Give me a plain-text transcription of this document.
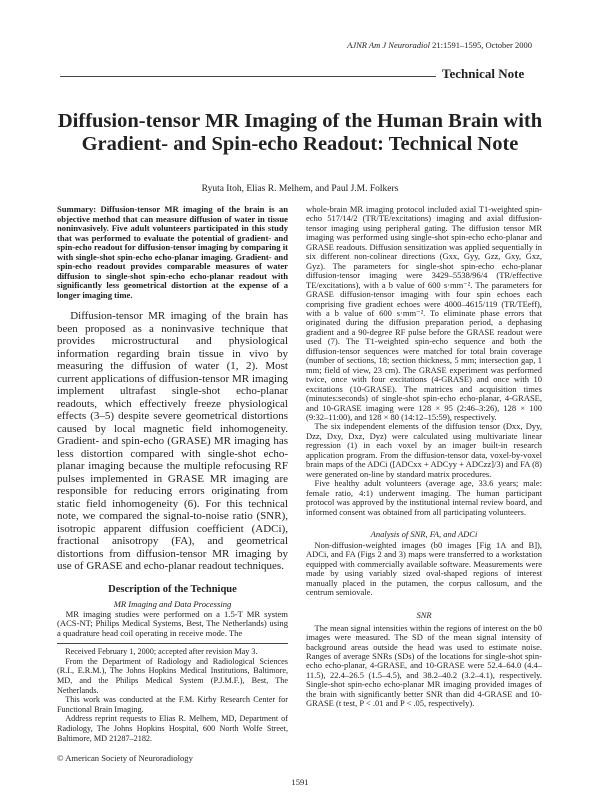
AJNR Am J Neuroradiol 21:1591–1595, October 2000
Technical Note
Diffusion-tensor MR Imaging of the Human Brain with Gradient- and Spin-echo Readout: Technical Note
Ryuta Itoh, Elias R. Melhem, and Paul J.M. Folkers
Summary: Diffusion-tensor MR imaging of the brain is an objective method that can measure diffusion of water in tissue noninvasively. Five adult volunteers participated in this study that was performed to evaluate the potential of gradient- and spin-echo readout for diffusion-tensor imaging by comparing it with single-shot spin-echo echo-planar imaging. Gradient- and spin-echo readout provides comparable measures of water diffusion to single-shot spin-echo echo-planar readout with significantly less geometrical distortion at the expense of a longer imaging time.
Diffusion-tensor MR imaging of the brain has been proposed as a noninvasive technique that provides microstructural and physiological information regarding brain tissue in vivo by measuring the diffusion of water (1, 2). Most current applications of diffusion-tensor MR imaging implement ultrafast single-shot echo-planar readouts, which effectively freeze physiological effects (3–5) despite severe geometrical distortions caused by local magnetic field inhomogeneity. Gradient- and spin-echo (GRASE) MR imaging has less distortion compared with single-shot echo-planar imaging because the multiple refocusing RF pulses implemented in GRASE MR imaging are responsible for reducing errors originating from static field inhomogeneity (6). For this technical note, we compared the signal-to-noise ratio (SNR), isotropic apparent diffusion coefficient (ADCi), fractional anisotropy (FA), and geometrical distortions from diffusion-tensor MR imaging by use of GRASE and echo-planar readout techniques.
Description of the Technique
MR Imaging and Data Processing
MR imaging studies were performed on a 1.5-T MR system (ACS-NT; Philips Medical Systems, Best, The Netherlands) using a quadrature head coil operating in receive mode. The

Received February 1, 2000; accepted after revision May 3.

From the Department of Radiology and Radiological Sciences (R.I., E.R.M.), The Johns Hopkins Medical Institutions, Baltimore, MD, and the Philips Medical System (P.J.M.F.), Best, The Netherlands.

This work was conducted at the F.M. Kirby Research Center for Functional Brain Imaging.

Address reprint requests to Elias R. Melhem, MD, Department of Radiology, The Johns Hopkins Hospital, 600 North Wolfe Street, Baltimore, MD 21287–2182.

© American Society of Neuroradiology

whole-brain MR imaging protocol included axial T1-weighted spin-echo 517/14/2 (TR/TE/excitations) imaging and axial diffusion-tensor imaging using peripheral gating. The diffusion tensor MR imaging was performed using single-shot spin-echo echo-planar and GRASE readouts. Diffusion sensitization was applied sequentially in six different non-colinear directions (Gxx, Gyy, Gzz, Gxy, Gxz, Gyz). The parameters for single-shot spin-echo echo-planar diffusion-tensor imaging were 3429–5538/96/4 (TR/effective TE/excitations), with a b value of 600 s·mm⁻². The parameters for GRASE diffusion-tensor imaging with four spin echoes each comprising five gradient echoes were 4000–4615/119 (TR/TEeff), with a b value of 600 s·mm⁻². To eliminate phase errors that originated during the diffusion preparation period, a dephasing gradient and a 90-degree RF pulse before the GRASE readout were used (7). The T1-weighted spin-echo sequence and both the diffusion-tensor sequences were matched for total brain coverage (number of sections, 18; section thickness, 5 mm; intersection gap, 1 mm; field of view, 23 cm). The GRASE experiment was performed twice, once with four excitations (4-GRASE) and once with 10 excitations (10-GRASE). The matrices and acquisition times (minutes:seconds) of single-shot spin-echo echo-planar, 4-GRASE, and 10-GRASE imaging were 128 × 95 (2:46–3:26), 128 × 100 (9:32–11:00), and 128 × 80 (14:12–15:59), respectively.

The six independent elements of the diffusion tensor (Dxx, Dyy, Dzz, Dxy, Dxz, Dyz) were calculated using multivariate linear regression (1) in each voxel by an imager built-in research application program. From the diffusion-tensor data, voxel-by-voxel brain maps of the ADCi ([ADCxx + ADCyy + ADCzz]/3) and FA (8) were generated on-line by standard matrix procedures.

Five healthy adult volunteers (average age, 33.6 years; male: female ratio, 4:1) underwent imaging. The human participant protocol was approved by the institutional internal review board, and informed consent was obtained from all participating volunteers.

Analysis of SNR, FA, and ADCi

Non-diffusion-weighted images (b0 images [Fig 1A and B]), ADCi, and FA (Figs 2 and 3) maps were transferred to a workstation equipped with commercially available software. Measurements were made by using variably sized oval-shaped regions of interest manually placed in the putamen, the corpus callosum, and the centrum semiovale.

SNR

The mean signal intensities within the regions of interest on the b0 images were measured. The SD of the mean signal intensity of background areas outside the head was used to estimate noise. Ranges of average SNRs (SDs) of the locations for single-shot spin-echo echo-planar, 4-GRASE, and 10-GRASE were 52.4–64.0 (4.4–11.5), 22.4–26.5 (1.5–4.5), and 38.2–40.2 (3.2–4.1), respectively. Single-shot spin-echo echo-planar MR imaging provided images of the brain with significantly better SNR than did 4-GRASE and 10-GRASE (t test, P < .01 and P < .05, respectively).

1591
